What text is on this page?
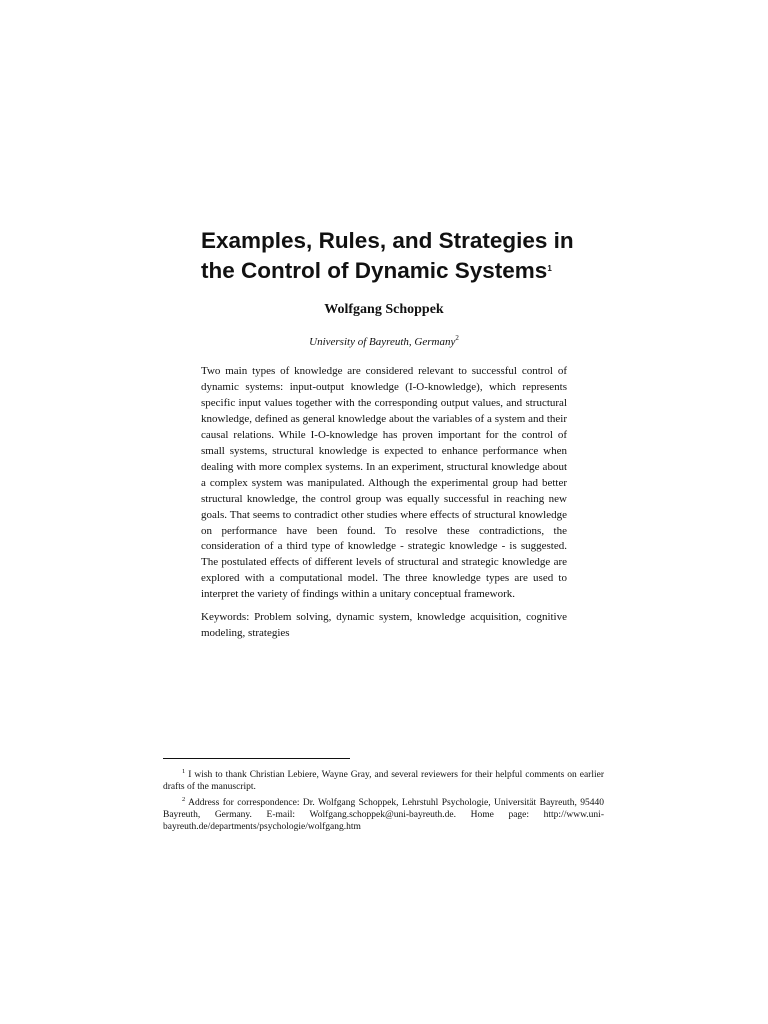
Examples, Rules, and Strategies in
the Control of Dynamic Systems$^1$
Wolfgang Schoppek
University of Bayreuth, Germany$^2$

Two main types of knowledge are considered relevant to successful control of dynamic systems: input-output knowledge (I-O-knowledge), which represents specific input values together with the corresponding output values, and structural knowledge, defined as general knowledge about the variables of a system and their causal relations. While I-O-knowledge has proven important for the control of small systems, structural knowledge is expected to enhance performance when dealing with more complex systems. In an experiment, structural knowledge about a complex system was manipulated. Although the experimental group had better structural knowledge, the control group was equally successful in reaching new goals. That seems to contradict other studies where effects of structural knowledge on performance have been found. To resolve these contradictions, the consideration of a third type of knowledge - strategic knowledge - is suggested. The postulated effects of different levels of structural and strategic knowledge are explored with a computational model. The three knowledge types are used to interpret the variety of findings within a unitary conceptual framework.

Keywords: Problem solving, dynamic system, knowledge acquisition, cognitive modeling, strategies

$^1$ I wish to thank Christian Lebiere, Wayne Gray, and several reviewers for their helpful comments on earlier drafts of the manuscript.

$^2$ Address for correspondence: Dr. Wolfgang Schoppek, Lehrstuhl Psychologie, Universität Bayreuth, 95440 Bayreuth, Germany. E-mail: Wolfgang.schoppek@uni-bayreuth.de. Home page: http://www.uni-bayreuth.de/departments/psychologie/wolfgang.htm
